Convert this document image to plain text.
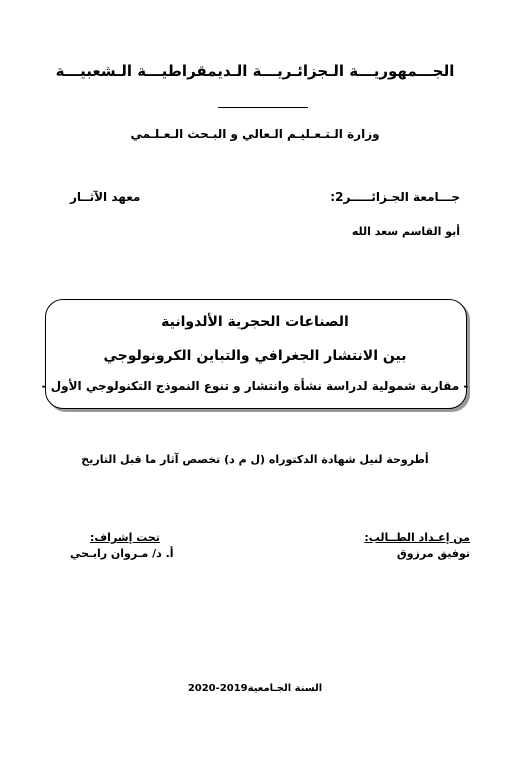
الجـــمهوريـــة الـجزائـريـــة الـديمقراطيـــة الـشعبيـــة
وزارة الـتـعـليـم الـعالي و البـحث الـعـلـمي
جـــامعة الجـزائـــــر2:
معهد الآثــار
أبو القاسم سعد الله
الصناعات الحجرية الألدوانية
بين الانتشار الجغرافي والتباين الكرونولوجي
- مقاربة شمولية لدراسة نشأة وانتشار و تنوع النموذج التكنولوجي الأول -
أطروحة لنيل شهادة الدكتوراه (ل م د) تخصص آثار ما قبل التاريخ
من إعـداد الطــالب:
توفيق مرزوق
تحت إشراف:
أ. د/ مـروان رابـحي
السنة الجـامعية2019-2020
